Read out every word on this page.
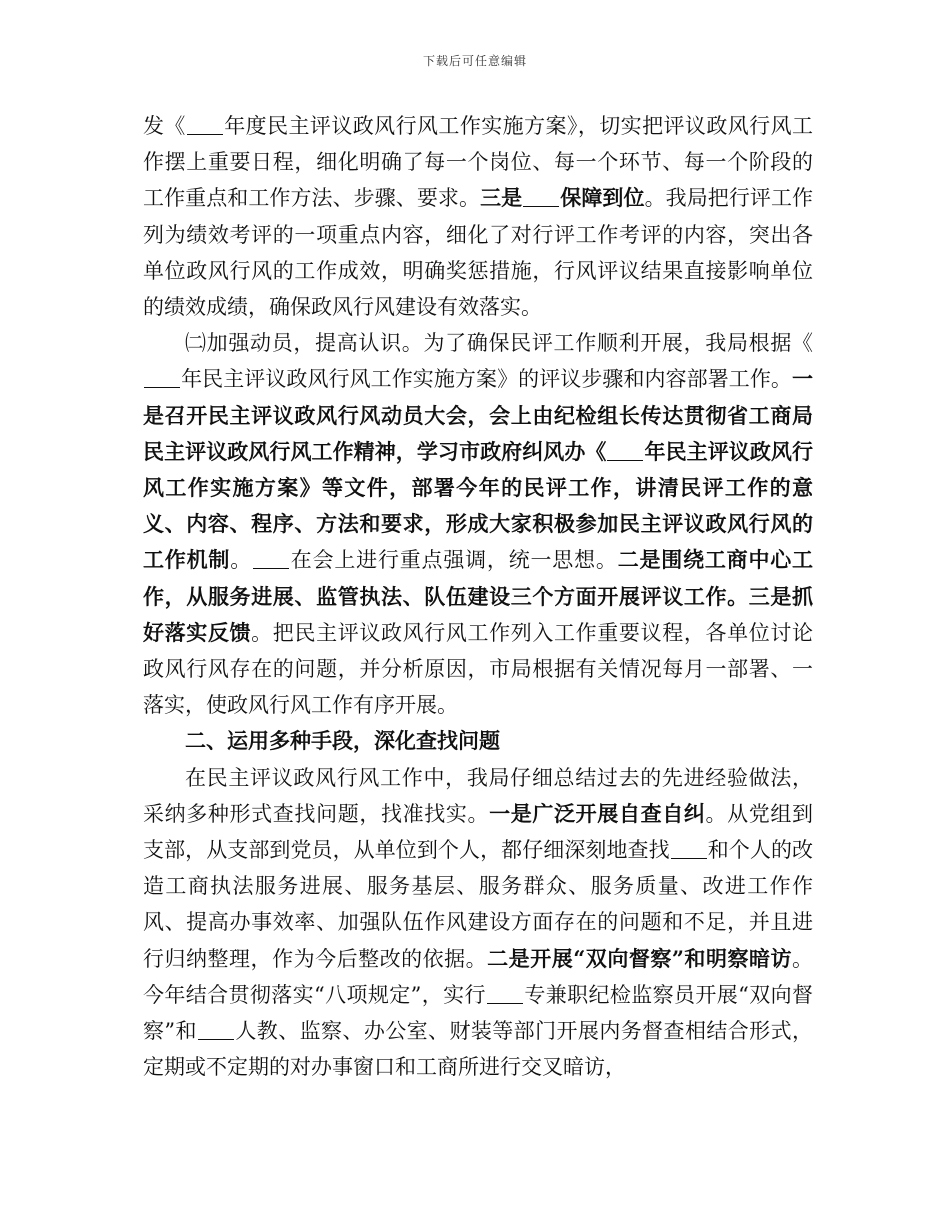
下载后可任意编辑

发《 年度民主评议政风行风工作实施方案》，切实把评议政风行风工作摆上重要日程，细化明确了每一个岗位、每一个环节、每一个阶段的工作重点和工作方法、步骤、要求。三是 保障到位。我局把行评工作列为绩效考评的一项重点内容，细化了对行评工作考评的内容，突出各单位政风行风的工作成效，明确奖惩措施，行风评议结果直接影响单位的绩效成绩，确保政风行风建设有效落实。

㈡加强动员，提高认识。为了确保民评工作顺利开展，我局根据《年民主评议政风行风工作实施方案》的评议步骤和内容部署工作。一是召开民主评议政风行风动员大会，会上由纪检组长传达贯彻省工商局民主评议政风行风工作精神，学习市政府纠风办《 年民主评议政风行风工作实施方案》等文件，部署今年的民评工作，讲清民评工作的意义、内容、程序、方法和要求，形成大家积极参加民主评议政风行风的工作机制。 在会上进行重点强调，统一思想。二是围绕工商中心工作，从服务进展、监管执法、队伍建设三个方面开展评议工作。三是抓好落实反馈。把民主评议政风行风工作列入工作重要议程，各单位讨论政风行风存在的问题，并分析原因，市局根据有关情况每月一部署、一落实，使政风行风工作有序开展。

二、运用多种手段，深化查找问题

在民主评议政风行风工作中，我局仔细总结过去的先进经验做法，采纳多种形式查找问题，找准找实。一是广泛开展自查自纠。从党组到支部，从支部到党员，从单位到个人，都仔细深刻地查找 和个人的改造工商执法服务进展、服务基层、服务群众、服务质量、改进工作作风、提高办事效率、加强队伍作风建设方面存在的问题和不足，并且进行归纳整理，作为今后整改的依据。二是开展“双向督察”和明察暗访。今年结合贯彻落实“八项规定”，实行 专兼职纪检监察员开展“双向督察”和 人教、监察、办公室、财装等部门开展内务督查相结合形式，定期或不定期的对办事窗口和工商所进行交叉暗访，
